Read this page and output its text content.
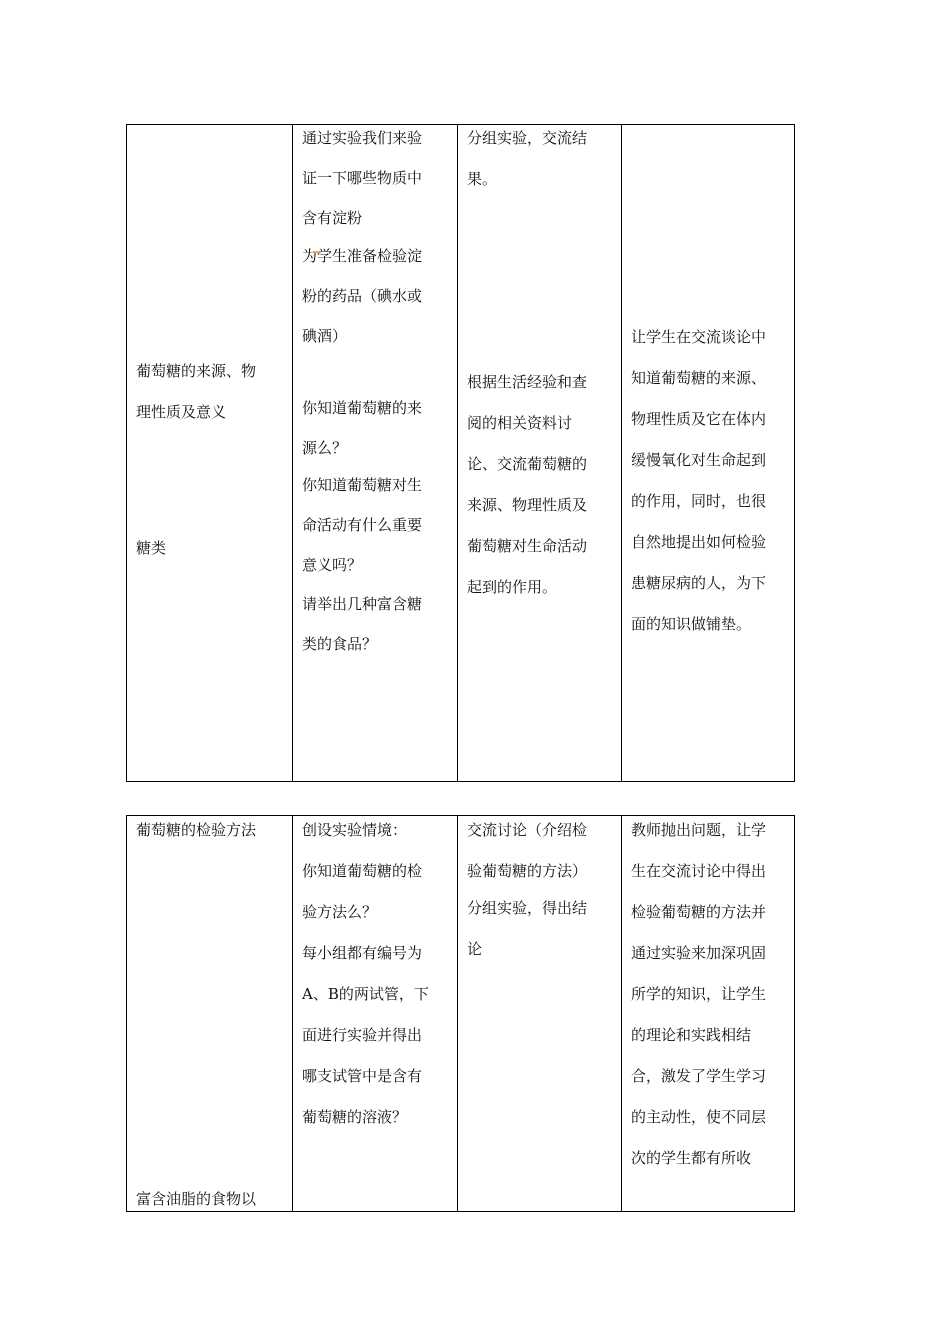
葡萄糖的来源、物
理性质及意义

糖类

通过实验我们来验
证一下哪些物质中
含有淀粉

为学生准备检验淀
粉的药品（碘水或
碘酒）

你知道葡萄糖的来
源么？

你知道葡萄糖对生
命活动有什么重要
意义吗？

请举出几种富含糖
类的食品？

分组实验，交流结
果。

根据生活经验和查
阅的相关资料讨
论、交流葡萄糖的
来源、物理性质及
葡萄糖对生命活动
起到的作用。

让学生在交流谈论中
知道葡萄糖的来源、
物理性质及它在体内
缓慢氧化对生命起到
的作用，同时，也很
自然地提出如何检验
患糖尿病的人，为下
面的知识做铺垫。

葡萄糖的检验方法

富含油脂的食物以

创设实验情境：
你知道葡萄糖的检
验方法么？

每小组都有编号为
A、B的两试管，下
面进行实验并得出
哪支试管中是含有
葡萄糖的溶液？

交流讨论（介绍检
验葡萄糖的方法）

分组实验，得出结
论

教师抛出问题，让学
生在交流讨论中得出
检验葡萄糖的方法并
通过实验来加深巩固
所学的知识，让学生
的理论和实践相结
合，激发了学生学习
的主动性，使不同层
次的学生都有所收
